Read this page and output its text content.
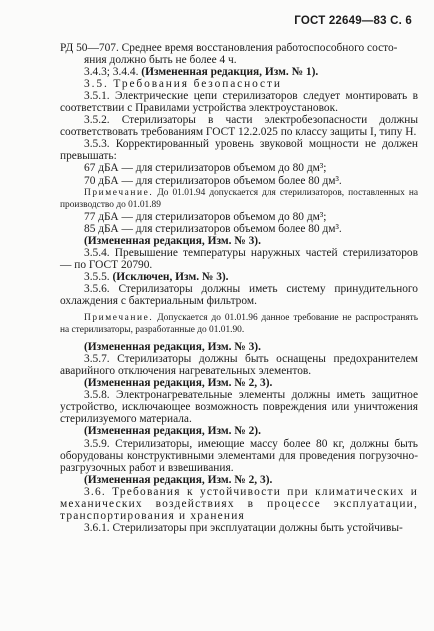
ГОСТ 22649—83 С. 6

РД 50—707. Среднее время восстановления работоспособного состо-

яния должно быть не более 4 ч.

3.4.3; 3.4.4. (Измененная редакция, Изм. № 1).

3.5. Требования безопасности

3.5.1. Электрические цепи стерилизаторов следует монтировать в соответствии с Правилами устройства электроустановок.

3.5.2. Стерилизаторы в части электробезопасности должны соответствовать требованиям ГОСТ 12.2.025 по классу защиты I, типу Н.

3.5.3. Корректированный уровень звуковой мощности не должен превышать:

67 дБА — для стерилизаторов объемом до 80 дм³;

70 дБА — для стерилизаторов объемом более 80 дм³.

Примечание. До 01.01.94 допускается для стерилизаторов, поставленных на производство до 01.01.89

77 дБА — для стерилизаторов объемом до 80 дм³;

85 дБА — для стерилизаторов объемом более 80 дм³.

(Измененная редакция, Изм. № 3).

3.5.4. Превышение температуры наружных частей стерилизаторов — по ГОСТ 20790.

3.5.5. (Исключен, Изм. № 3).

3.5.6. Стерилизаторы должны иметь систему принудительного охлаждения с бактериальным фильтром.

Примечание. Допускается до 01.01.96 данное требование не распространять на стерилизаторы, разработанные до 01.01.90.

(Измененная редакция, Изм. № 3).

3.5.7. Стерилизаторы должны быть оснащены предохранителем аварийного отключения нагревательных элементов.

(Измененная редакция, Изм. № 2, 3).

3.5.8. Электронагревательные элементы должны иметь защитное устройство, исключающее возможность повреждения или уничтожения стерилизуемого материала.

(Измененная редакция, Изм. № 2).

3.5.9. Стерилизаторы, имеющие массу более 80 кг, должны быть оборудованы конструктивными элементами для проведения погрузочно-разгрузочных работ и взвешивания.

(Измененная редакция, Изм. № 2, 3).

3.6. Требования к устойчивости при климатических и механических воздействиях в процессе эксплуатации, транспортирования и хранения

3.6.1. Стерилизаторы при эксплуатации должны быть устойчивы-
